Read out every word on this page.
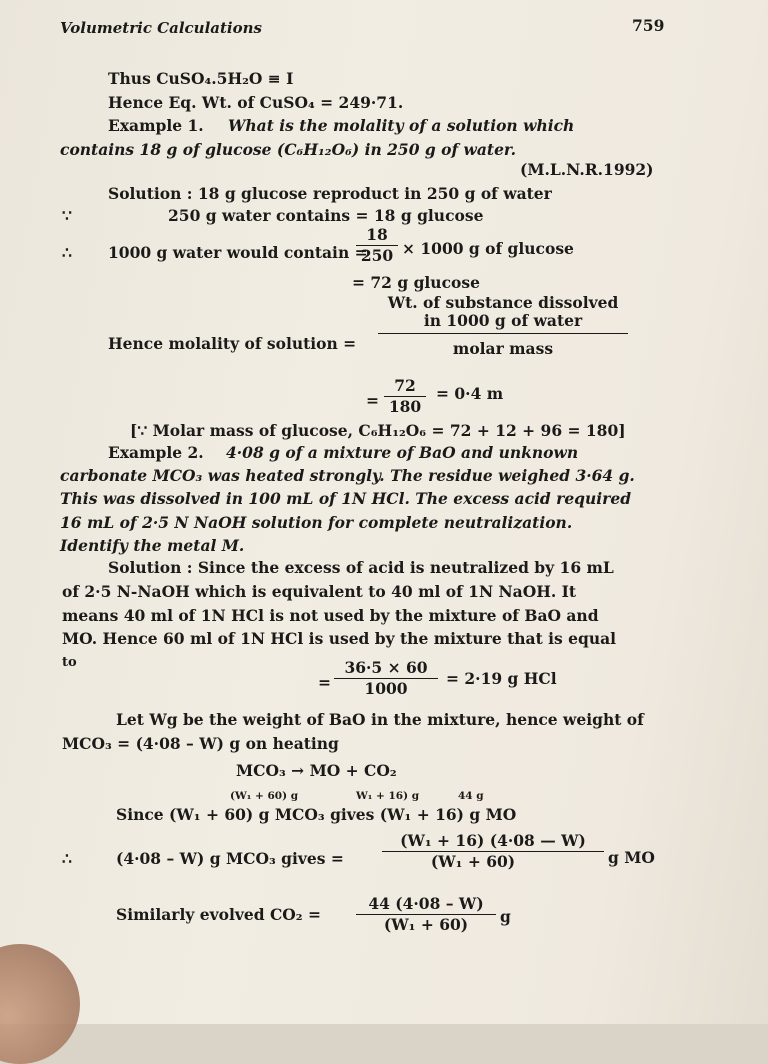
Volumetric Calculations	759
Thus CuSO₄.5H₂O ≡ I
Hence Eq. Wt. of CuSO₄ = 249·71.
Example 1. What is the molality of a solution which
contains 18 g of glucose (C₆H₁₂O₆) in 250 g of water.
(M.L.N.R.1992)
Solution : 18 g glucose reproduct in 250 g of water
∵	250 g water contains = 18 g glucose
∴ 1000 g water would contain =
$\frac{18}{250} \times 1000$ g of glucose
= 72 g glucose
Hence molality of solution =
Wt. of substance dissolved
in 1000 g of water
molar mass
= $\frac{72}{180} = 0\cdot 4$ m
[∵ Molar mass of glucose, C₆H₁₂O₆ = 72 + 12 + 96 = 180]
Example 2. 4·08 g of a mixture of BaO and unknown
carbonate MCO₃ was heated strongly. The residue weighed 3·64 g.
This was dissolved in 100 mL of 1N HCl. The excess acid required
16 mL of 2·5 N NaOH solution for complete neutralization.
Identify the metal M.
Solution : Since the excess of acid is neutralized by 16 mL
of 2·5 N-NaOH which is equivalent to 40 ml of 1N NaOH. It
means 40 ml of 1N HCl is not used by the mixture of BaO and
MO. Hence 60 ml of 1N HCl is used by the mixture that is equal
to
= $\frac{36\cdot 5 \times 60}{1000} = 2\cdot 19$ g HCl
Let Wg be the weight of BaO in the mixture, hence weight of
MCO₃ = (4·08 – W) g on heating
MCO₃ → MO + CO₂
(W₁ + 60) g	W₁ + 16) g	44 g
Since (W₁ + 60) g MCO₃ gives (W₁ + 16) g MO
∴	(4·08 – W) g MCO₃ gives = $\frac{\text{(W₁ + 16) (4·08 — W)}}{\text{(W₁ + 60)}}$ g MO
Similarly evolved $CO_2 = \frac{44 (4\cdot 08 - W)}{\text{(W₁ + 60)}}$ g
